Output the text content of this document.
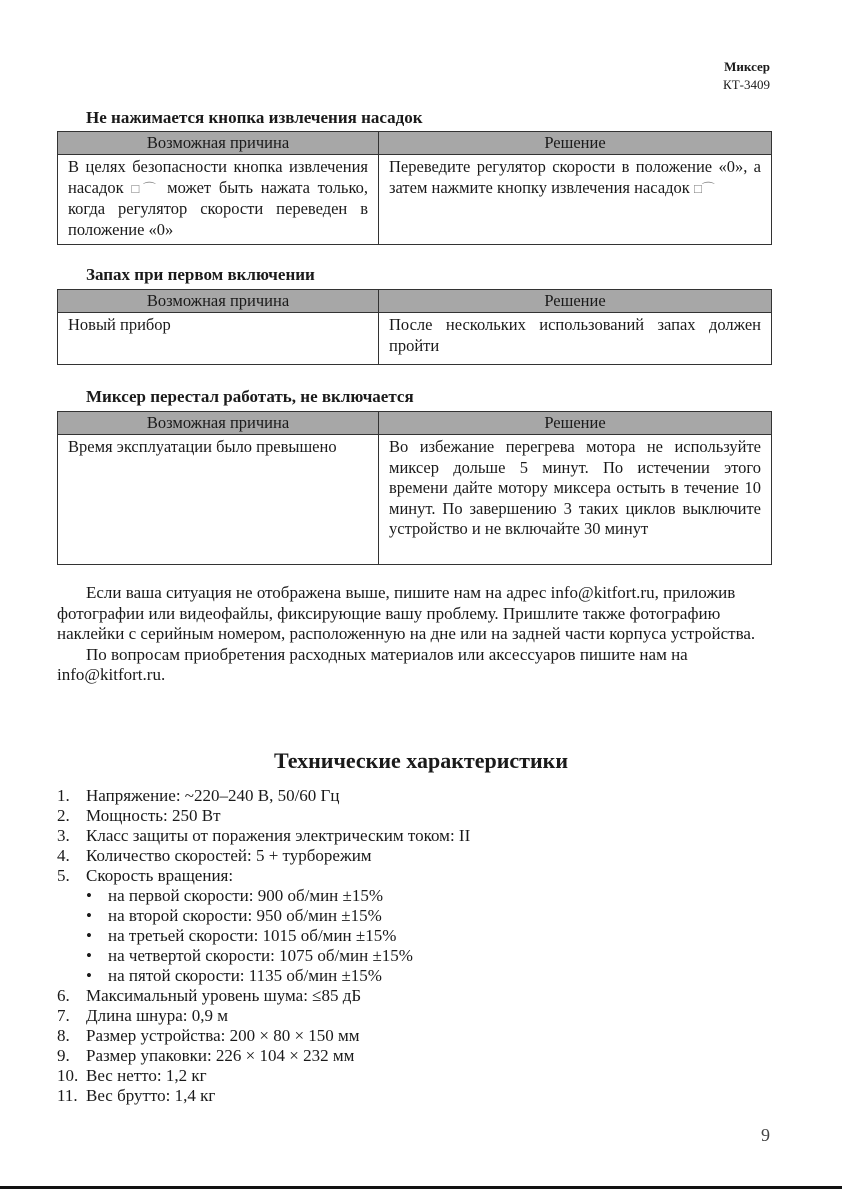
Миксер
КТ-3409
Не нажимается кнопка извлечения насадок
Возможная причина	Решение
В целях безопасности кнопка извлечения насадок □⌒ может быть нажата только, когда регулятор скорости переведен в положение «0»	Переведите регулятор скорости в положение «0», а затем нажмите кнопку извлечения насадок □⌒
Запах при первом включении
Возможная причина	Решение
Новый прибор	После нескольких использований запах должен пройти
Миксер перестал работать, не включается
Возможная причина	Решение
Время эксплуатации было превышено	Во избежание перегрева мотора не используйте миксер дольше 5 минут. По истечении этого времени дайте мотору миксера остыть в течение 10 минут. По завершению 3 таких циклов выключите устройство и не включайте 30 минут

Если ваша ситуация не отображена выше, пишите нам на адрес info@kitfort.ru, приложив фотографии или видеофайлы, фиксирующие вашу проблему. Пришлите также фотографию наклейки с серийным номером, расположенную на дне или на задней части корпуса устройства.

По вопросам приобретения расходных материалов или аксессуаров пишите нам на info@kitfort.ru.

Технические характеристики
1. Напряжение: ~220–240 В, 50/60 Гц
2. Мощность: 250 Вт
3. Класс защиты от поражения электрическим током: II
4. Количество скоростей: 5 + турборежим
5. Скорость вращения:
• на первой скорости: 900 об/мин ±15%
• на второй скорости: 950 об/мин ±15%
• на третьей скорости: 1015 об/мин ±15%
• на четвертой скорости: 1075 об/мин ±15%
• на пятой скорости: 1135 об/мин ±15%
6. Максимальный уровень шума: ≤85 дБ
7. Длина шнура: 0,9 м
8. Размер устройства: 200 × 80 × 150 мм
9. Размер упаковки: 226 × 104 × 232 мм
10. Вес нетто: 1,2 кг
11. Вес брутто: 1,4 кг
9
